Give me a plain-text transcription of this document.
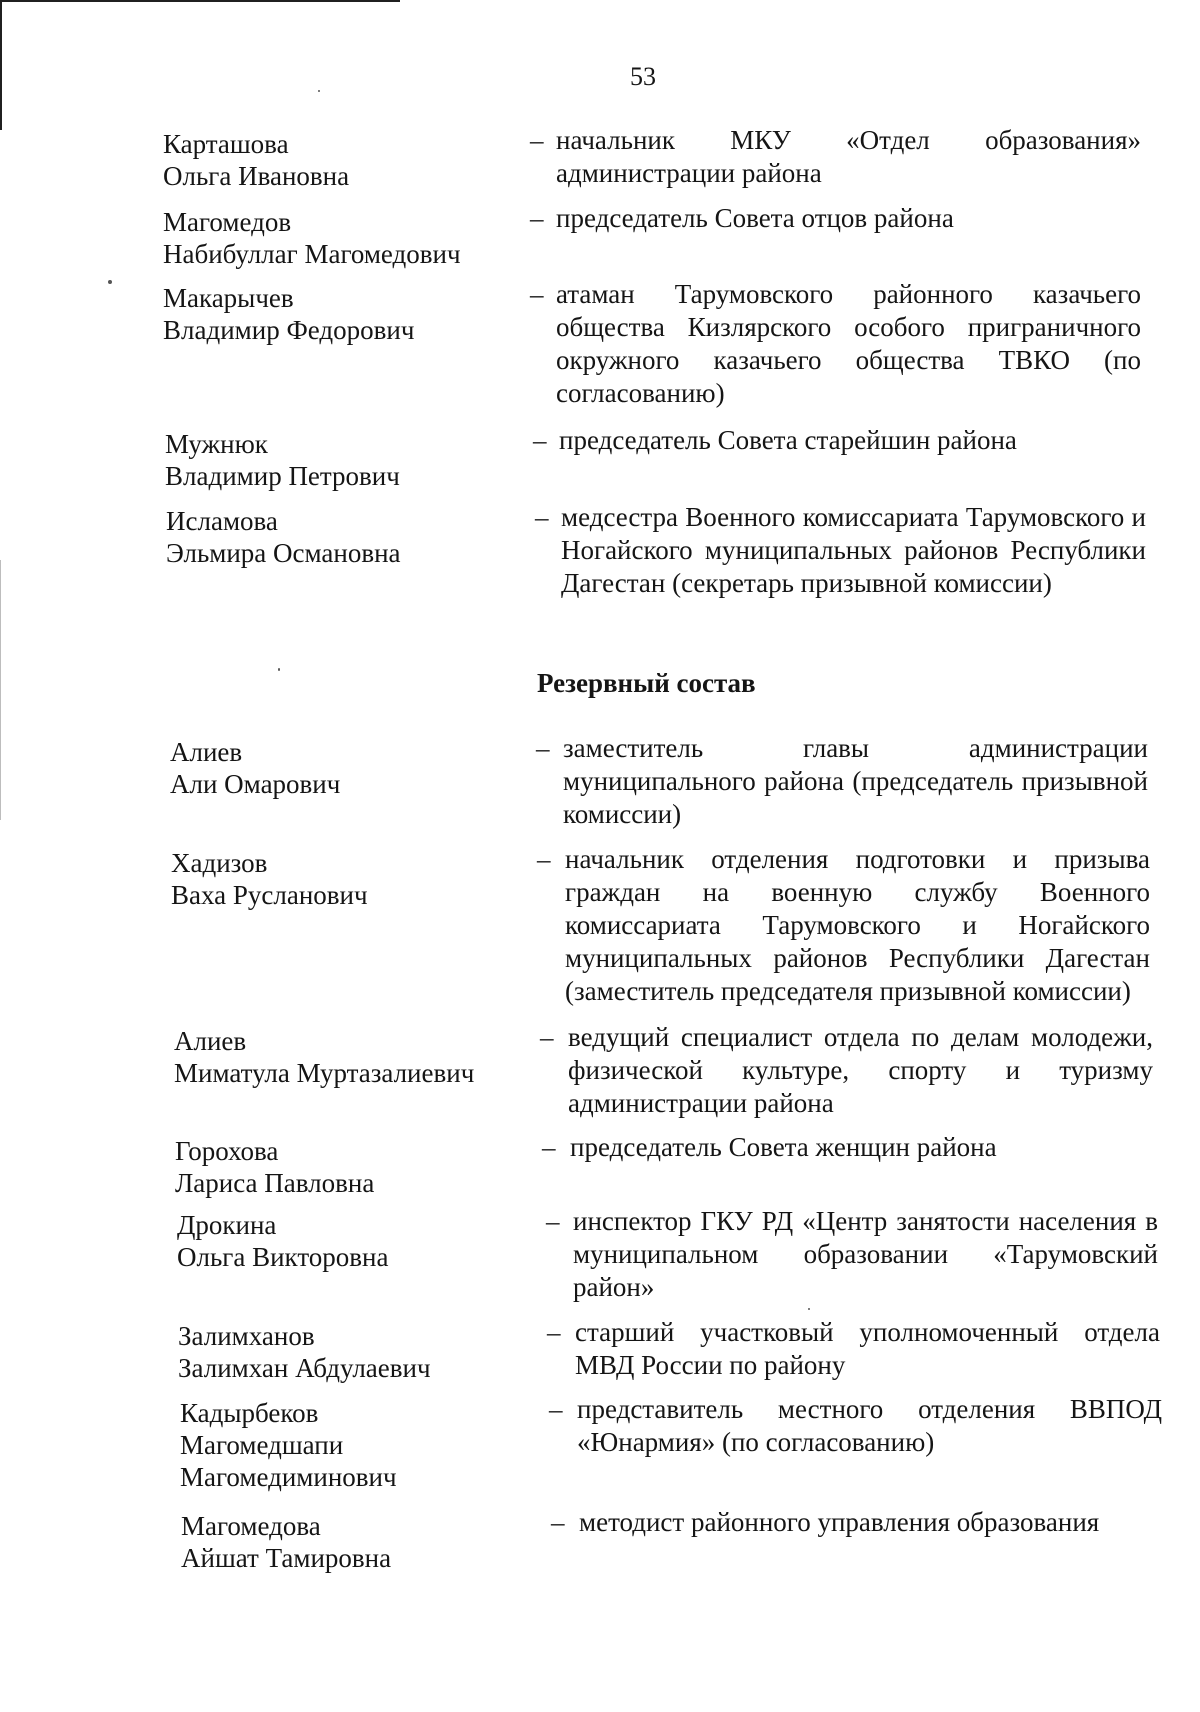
53
Карташова
Ольга Ивановна
– начальник МКУ «Отдел образования» администрации района
Магомедов
Набибуллаг Магомедович
– председатель Совета отцов района
Макарычев
Владимир Федорович
– атаман Тарумовского районного казачьего общества Кизлярского особого приграничного окружного казачьего общества ТВКО (по согласованию)
Мужнюк
Владимир Петрович
– председатель Совета старейшин района
Исламова
Эльмира Османовна
– медсестра Военного комиссариата Тарумовского и Ногайского муниципальных районов Республики Дагестан (секретарь призывной комиссии)
Резервный состав
Алиев
Али Омарович
– заместитель главы администрации муниципального района (председатель призывной комиссии)
Хадизов
Ваха Русланович
– начальник отделения подготовки и призыва граждан на военную службу Военного комиссариата Тарумовского и Ногайского муниципальных районов Республики Дагестан (заместитель председателя призывной комиссии)
Алиев
Миматула Муртазалиевич
– ведущий специалист отдела по делам молодежи, физической культуре, спорту и туризму администрации района
Горохова
Лариса Павловна
– председатель Совета женщин района
Дрокина
Ольга Викторовна
– инспектор ГКУ РД «Центр занятости населения в муниципальном образовании «Тарумовский район»
Залимханов
Залимхан Абдулаевич
– старший участковый уполномоченный отдела МВД России по району
Кадырбеков
Магомедшапи
Магомедиминович
– представитель местного отделения ВВПОД «Юнармия» (по согласованию)
Магомедова
Айшат Тамировна
– методист районного управления образования
